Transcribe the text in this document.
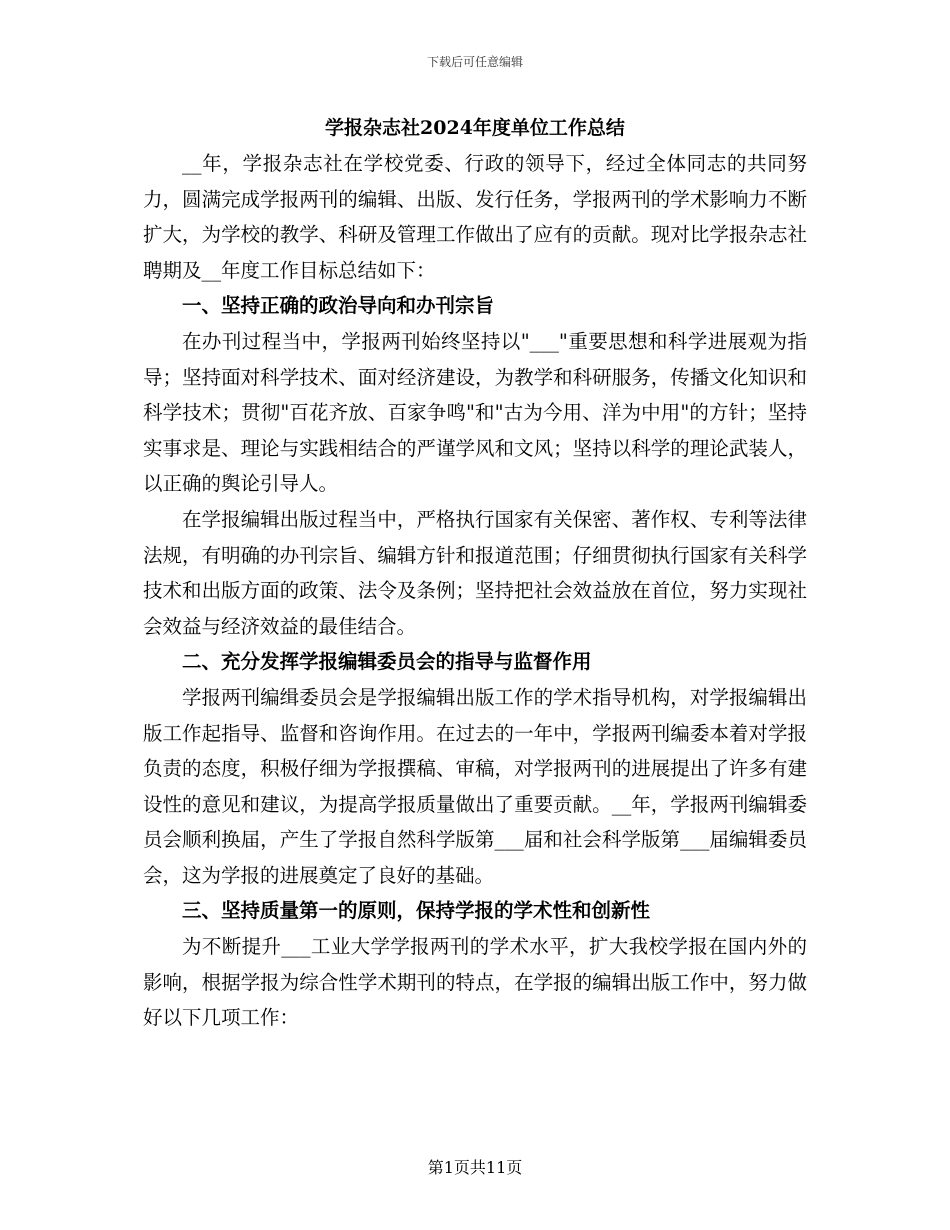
下载后可任意编辑
学报杂志社2024年度单位工作总结

__年，学报杂志社在学校党委、行政的领导下，经过全体同志的共同努力，圆满完成学报两刊的编辑、出版、发行任务，学报两刊的学术影响力不断扩大，为学校的教学、科研及管理工作做出了应有的贡献。现对比学报杂志社聘期及__年度工作目标总结如下：

一、坚持正确的政治导向和办刊宗旨

在办刊过程当中，学报两刊始终坚持以"___"重要思想和科学进展观为指导；坚持面对科学技术、面对经济建设，为教学和科研服务，传播文化知识和科学技术；贯彻"百花齐放、百家争鸣"和"古为今用、洋为中用"的方针；坚持实事求是、理论与实践相结合的严谨学风和文风；坚持以科学的理论武装人，以正确的舆论引导人。

在学报编辑出版过程当中，严格执行国家有关保密、著作权、专利等法律法规，有明确的办刊宗旨、编辑方针和报道范围；仔细贯彻执行国家有关科学技术和出版方面的政策、法令及条例；坚持把社会效益放在首位，努力实现社会效益与经济效益的最佳结合。

二、充分发挥学报编辑委员会的指导与监督作用

学报两刊编缉委员会是学报编辑出版工作的学术指导机构，对学报编辑出版工作起指导、监督和咨询作用。在过去的一年中，学报两刊编委本着对学报负责的态度，积极仔细为学报撰稿、审稿，对学报两刊的进展提出了许多有建设性的意见和建议，为提高学报质量做出了重要贡献。__年，学报两刊编辑委员会顺利换届，产生了学报自然科学版第___届和社会科学版第___届编辑委员会，这为学报的进展奠定了良好的基础。

三、坚持质量第一的原则，保持学报的学术性和创新性

为不断提升___工业大学学报两刊的学术水平，扩大我校学报在国内外的影响，根据学报为综合性学术期刊的特点，在学报的编辑出版工作中，努力做好以下几项工作：

第1页共11页
